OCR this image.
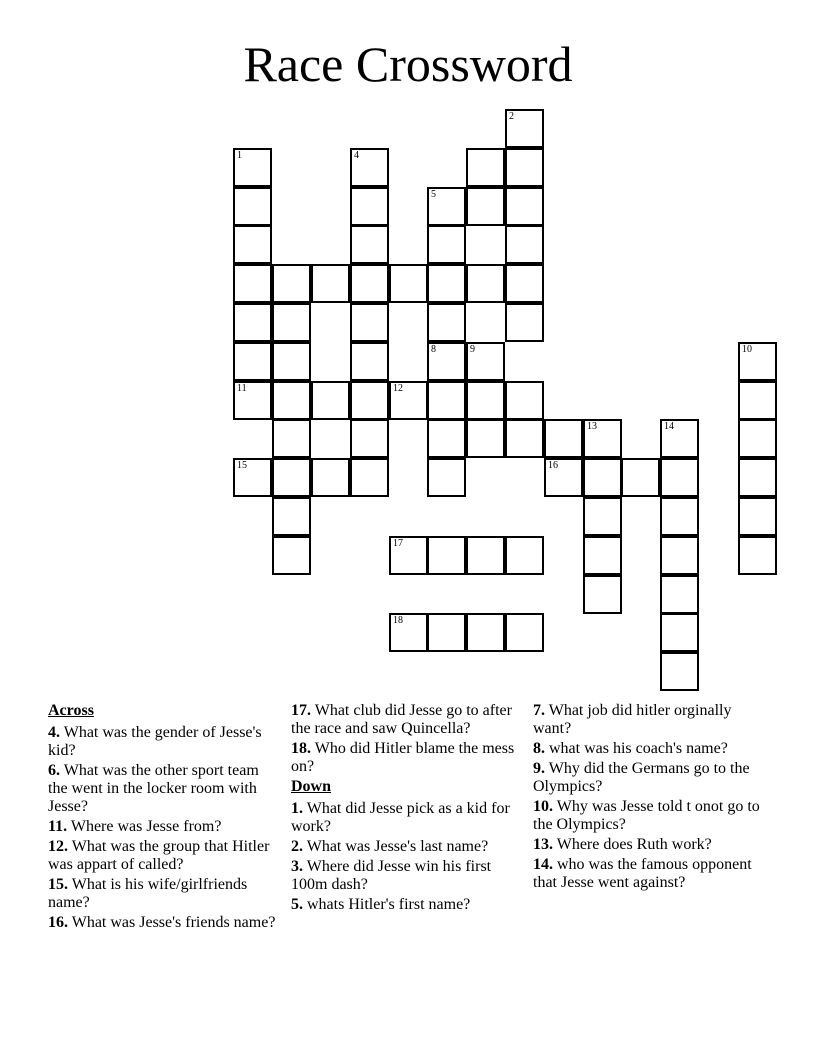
Race Crossword
1	4
5
8
2
11
15
12
9
16
13	14
10
17
18
Across
4. What was the gender of Jesse's kid?
6. What was the other sport team the went in the locker room with Jesse?
11. Where was Jesse from?
12. What was the group that Hitler was appart of called?
15. What is his wife/girlfriends name?
16. What was Jesse's friends name?
17. What club did Jesse go to after the race and saw Quincella?
18. Who did Hitler blame the mess on?
Down
1. What did Jesse pick as a kid for work?
2. What was Jesse's last name?
3. Where did Jesse win his first 100m dash?
5. whats Hitler's first name?
7. What job did hitler orginally want?
8. what was his coach's name?
9. Why did the Germans go to the Olympics?
10. Why was Jesse told t onot go to the Olympics?
13. Where does Ruth work?
14. who was the famous opponent that Jesse went against?
